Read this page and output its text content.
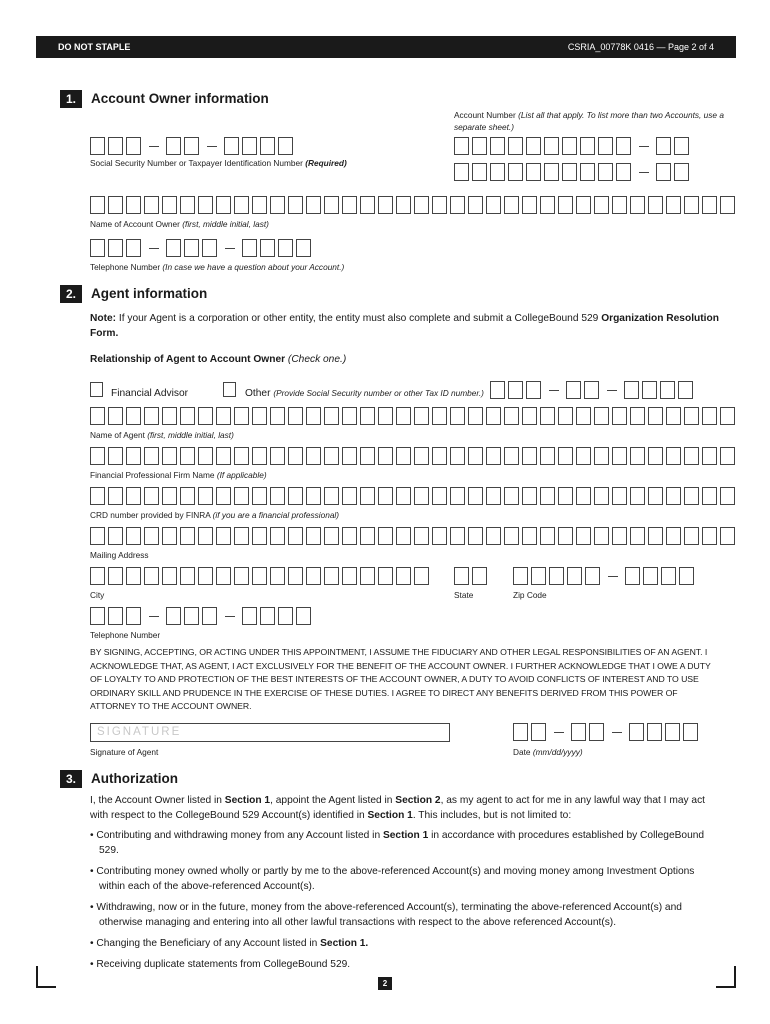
DO NOT STAPLE	CSRIA_00778K 0416 — Page 2 of 4
1.	Account Owner information
Account Number (List all that apply. To list more than two Accounts, use a separate sheet.)
Social Security Number or Taxpayer Identification Number (Required)
Name of Account Owner (first, middle initial, last)
Telephone Number (In case we have a question about your Account.)
2.	Agent information
Note: If your Agent is a corporation or other entity, the entity must also complete and submit a CollegeBound 529 Organization Resolution Form.
Relationship of Agent to Account Owner (Check one.)
Financial Advisor	Other (Provide Social Security number or other Tax ID number.)
Name of Agent (first, middle initial, last)
Financial Professional Firm Name (If applicable)
CRD number provided by FINRA (if you are a financial professional)
Mailing Address
City	State	Zip Code
Telephone Number
BY SIGNING, ACCEPTING, OR ACTING UNDER THIS APPOINTMENT, I ASSUME THE FIDUCIARY AND OTHER LEGAL RESPONSIBILITIES OF AN AGENT. I ACKNOWLEDGE THAT, AS AGENT, I ACT EXCLUSIVELY FOR THE BENEFIT OF THE ACCOUNT OWNER. I FURTHER ACKNOWLEDGE THAT I OWE A DUTY OF LOYALTY TO AND PROTECTION OF THE BEST INTERESTS OF THE ACCOUNT OWNER, A DUTY TO AVOID CONFLICTS OF INTEREST AND TO USE ORDINARY SKILL AND PRUDENCE IN THE EXERCISE OF THESE DUTIES. I AGREE TO DIRECT ANY BENEFITS DERIVED FROM THIS POWER OF ATTORNEY TO THE ACCOUNT OWNER.
SIGNATURE
Signature of Agent	Date (mm/dd/yyyy)
3.	Authorization
I, the Account Owner listed in Section 1, appoint the Agent listed in Section 2, as my agent to act for me in any lawful way that I may act with respect to the CollegeBound 529 Account(s) identified in Section 1. This includes, but is not limited to:
• Contributing and withdrawing money from any Account listed in Section 1 in accordance with procedures established by CollegeBound 529.
• Contributing money owned wholly or partly by me to the above-referenced Account(s) and moving money among Investment Options within each of the above-referenced Account(s).
• Withdrawing, now or in the future, money from the above-referenced Account(s), terminating the above-referenced Account(s) and otherwise managing and entering into all other lawful transactions with respect to the above referenced Account(s).
• Changing the Beneficiary of any Account listed in Section 1.
• Receiving duplicate statements from CollegeBound 529.
2
